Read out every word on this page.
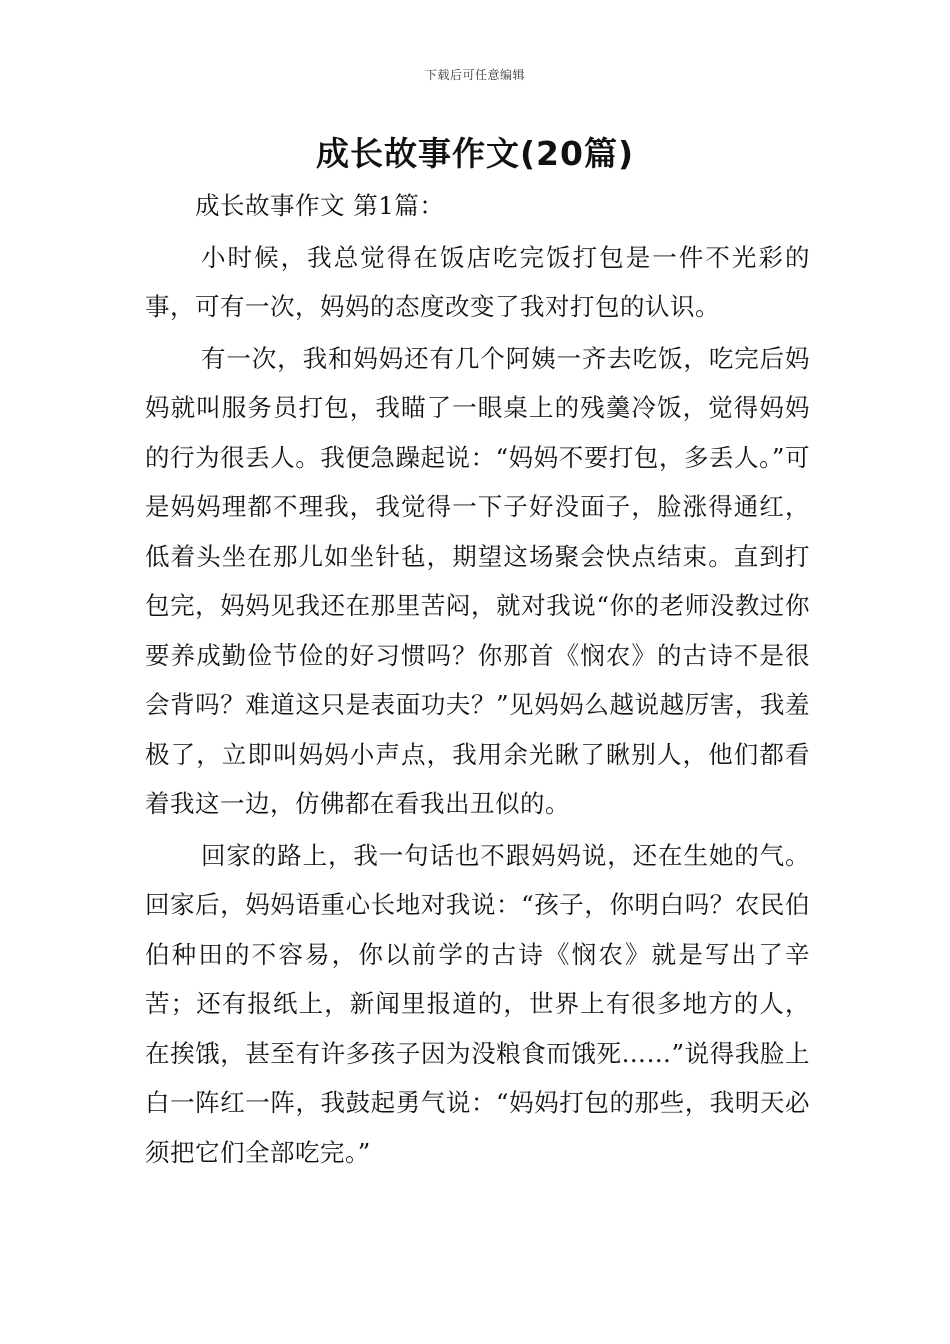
下载后可任意编辑
成长故事作文(20篇)

成长故事作文 第1篇：

小时候，我总觉得在饭店吃完饭打包是一件不光彩的事，可有一次，妈妈的态度改变了我对打包的认识。

有一次，我和妈妈还有几个阿姨一齐去吃饭，吃完后妈妈就叫服务员打包，我瞄了一眼桌上的残羹冷饭，觉得妈妈的行为很丢人。我便急躁起说：“妈妈不要打包，多丢人。”可是妈妈理都不理我，我觉得一下子好没面子，脸涨得通红，低着头坐在那儿如坐针毡，期望这场聚会快点结束。直到打包完，妈妈见我还在那里苦闷，就对我说“你的老师没教过你要养成勤俭节俭的好习惯吗？你那首《悯农》的古诗不是很会背吗？难道这只是表面功夫？”见妈妈么越说越厉害，我羞极了，立即叫妈妈小声点，我用余光瞅了瞅别人，他们都看着我这一边，仿佛都在看我出丑似的。

回家的路上，我一句话也不跟妈妈说，还在生她的气。回家后，妈妈语重心长地对我说：“孩子，你明白吗？农民伯伯种田的不容易，你以前学的古诗《悯农》就是写出了辛苦；还有报纸上，新闻里报道的，世界上有很多地方的人，在挨饿，甚至有许多孩子因为没粮食而饿死……”说得我脸上白一阵红一阵，我鼓起勇气说：“妈妈打包的那些，我明天必须把它们全部吃完。”
